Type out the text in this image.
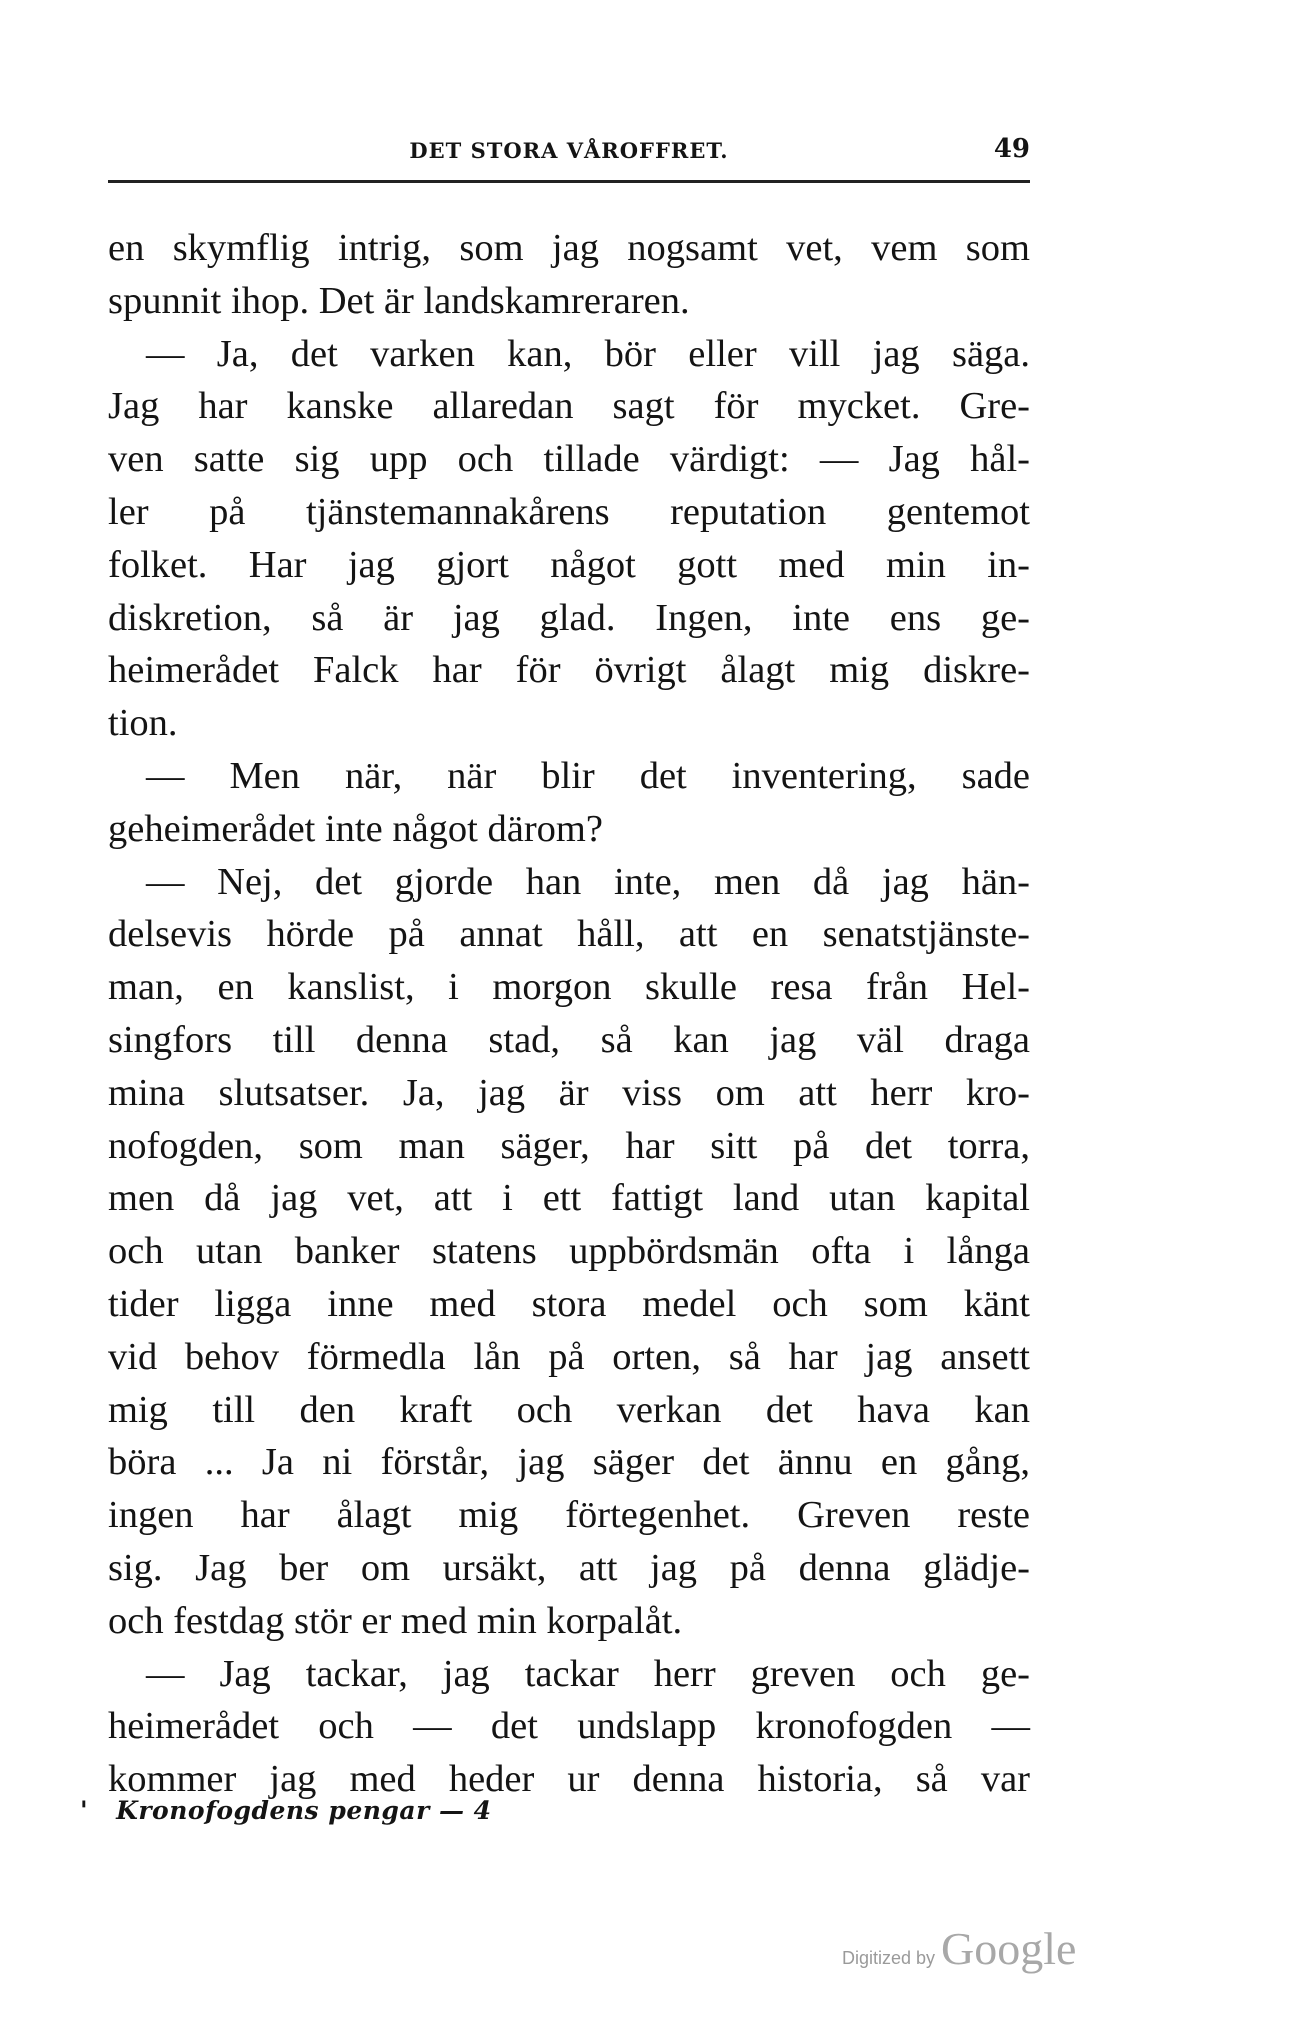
DET STORA VÅROFFRET.	49
en skymflig intrig, som jag nogsamt vet, vem som
spunnit ihop. Det är landskamreraren.
— Ja, det varken kan, bör eller vill jag säga.
Jag har kanske allaredan sagt för mycket. Gre-
ven satte sig upp och tillade värdigt: — Jag hål-
ler på tjänstemannakårens reputation gentemot
folket. Har jag gjort något gott med min in-
diskretion, så är jag glad. Ingen, inte ens ge-
heimerådet Falck har för övrigt ålagt mig diskre-
tion.
— Men när, när blir det inventering, sade
geheimerådet inte något därom?
— Nej, det gjorde han inte, men då jag hän-
delsevis hörde på annat håll, att en senatstjänste-
man, en kanslist, i morgon skulle resa från Hel-
singfors till denna stad, så kan jag väl draga
mina slutsatser. Ja, jag är viss om att herr kro-
nofogden, som man säger, har sitt på det torra,
men då jag vet, att i ett fattigt land utan kapital
och utan banker statens uppbördsmän ofta i långa
tider ligga inne med stora medel och som känt
vid behov förmedla lån på orten, så har jag ansett
mig till den kraft och verkan det hava kan
böra ... Ja ni förstår, jag säger det ännu en gång,
ingen har ålagt mig förtegenhet. Greven reste
sig. Jag ber om ursäkt, att jag på denna glädje-
och festdag stör er med min korpalåt.
— Jag tackar, jag tackar herr greven och ge-
heimerådet och — det undslapp kronofogden —
kommer jag med heder ur denna historia, så var
' Kronofogdens pengar — 4
Digitized by Google
